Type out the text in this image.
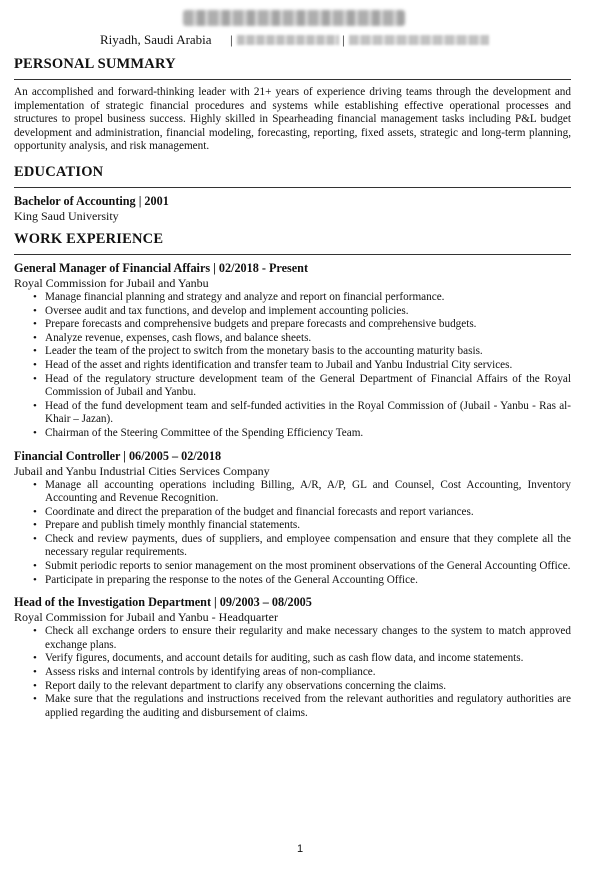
Riyadh, Saudi Arabia |	|
PERSONAL SUMMARY

An accomplished and forward-thinking leader with 21+ years of experience driving teams through the development and implementation of strategic financial procedures and systems while establishing effective operational processes and structures to propel business success. Highly skilled in Spearheading financial management tasks including P&L budget development and administration, financial modeling, forecasting, reporting, fixed assets, strategic and long-term planning, opportunity analysis, and risk management.

EDUCATION
Bachelor of Accounting | 2001
King Saud University
WORK EXPERIENCE
General Manager of Financial Affairs | 02/2018 - Present
Royal Commission for Jubail and Yanbu
• Manage financial planning and strategy and analyze and report on financial performance.
• Oversee audit and tax functions, and develop and implement accounting policies.
• Prepare forecasts and comprehensive budgets and prepare forecasts and comprehensive budgets.
• Analyze revenue, expenses, cash flows, and balance sheets.
• Leader the team of the project to switch from the monetary basis to the accounting maturity basis.
• Head of the asset and rights identification and transfer team to Jubail and Yanbu Industrial City services.
• Head of the regulatory structure development team of the General Department of Financial Affairs of the Royal Commission of Jubail and Yanbu.
• Head of the fund development team and self-funded activities in the Royal Commission of (Jubail - Yanbu - Ras al-Khair – Jazan).
• Chairman of the Steering Committee of the Spending Efficiency Team.
Financial Controller | 06/2005 – 02/2018
Jubail and Yanbu Industrial Cities Services Company
• Manage all accounting operations including Billing, A/R, A/P, GL and Counsel, Cost Accounting, Inventory Accounting and Revenue Recognition.
• Coordinate and direct the preparation of the budget and financial forecasts and report variances.
• Prepare and publish timely monthly financial statements.
• Check and review payments, dues of suppliers, and employee compensation and ensure that they complete all the necessary regular requirements.
• Submit periodic reports to senior management on the most prominent observations of the General Accounting Office.
• Participate in preparing the response to the notes of the General Accounting Office.
Head of the Investigation Department | 09/2003 – 08/2005
Royal Commission for Jubail and Yanbu - Headquarter
• Check all exchange orders to ensure their regularity and make necessary changes to the system to match approved exchange plans.
• Verify figures, documents, and account details for auditing, such as cash flow data, and income statements.
• Assess risks and internal controls by identifying areas of non-compliance.
• Report daily to the relevant department to clarify any observations concerning the claims.
• Make sure that the regulations and instructions received from the relevant authorities and regulatory authorities are applied regarding the auditing and disbursement of claims.
1
